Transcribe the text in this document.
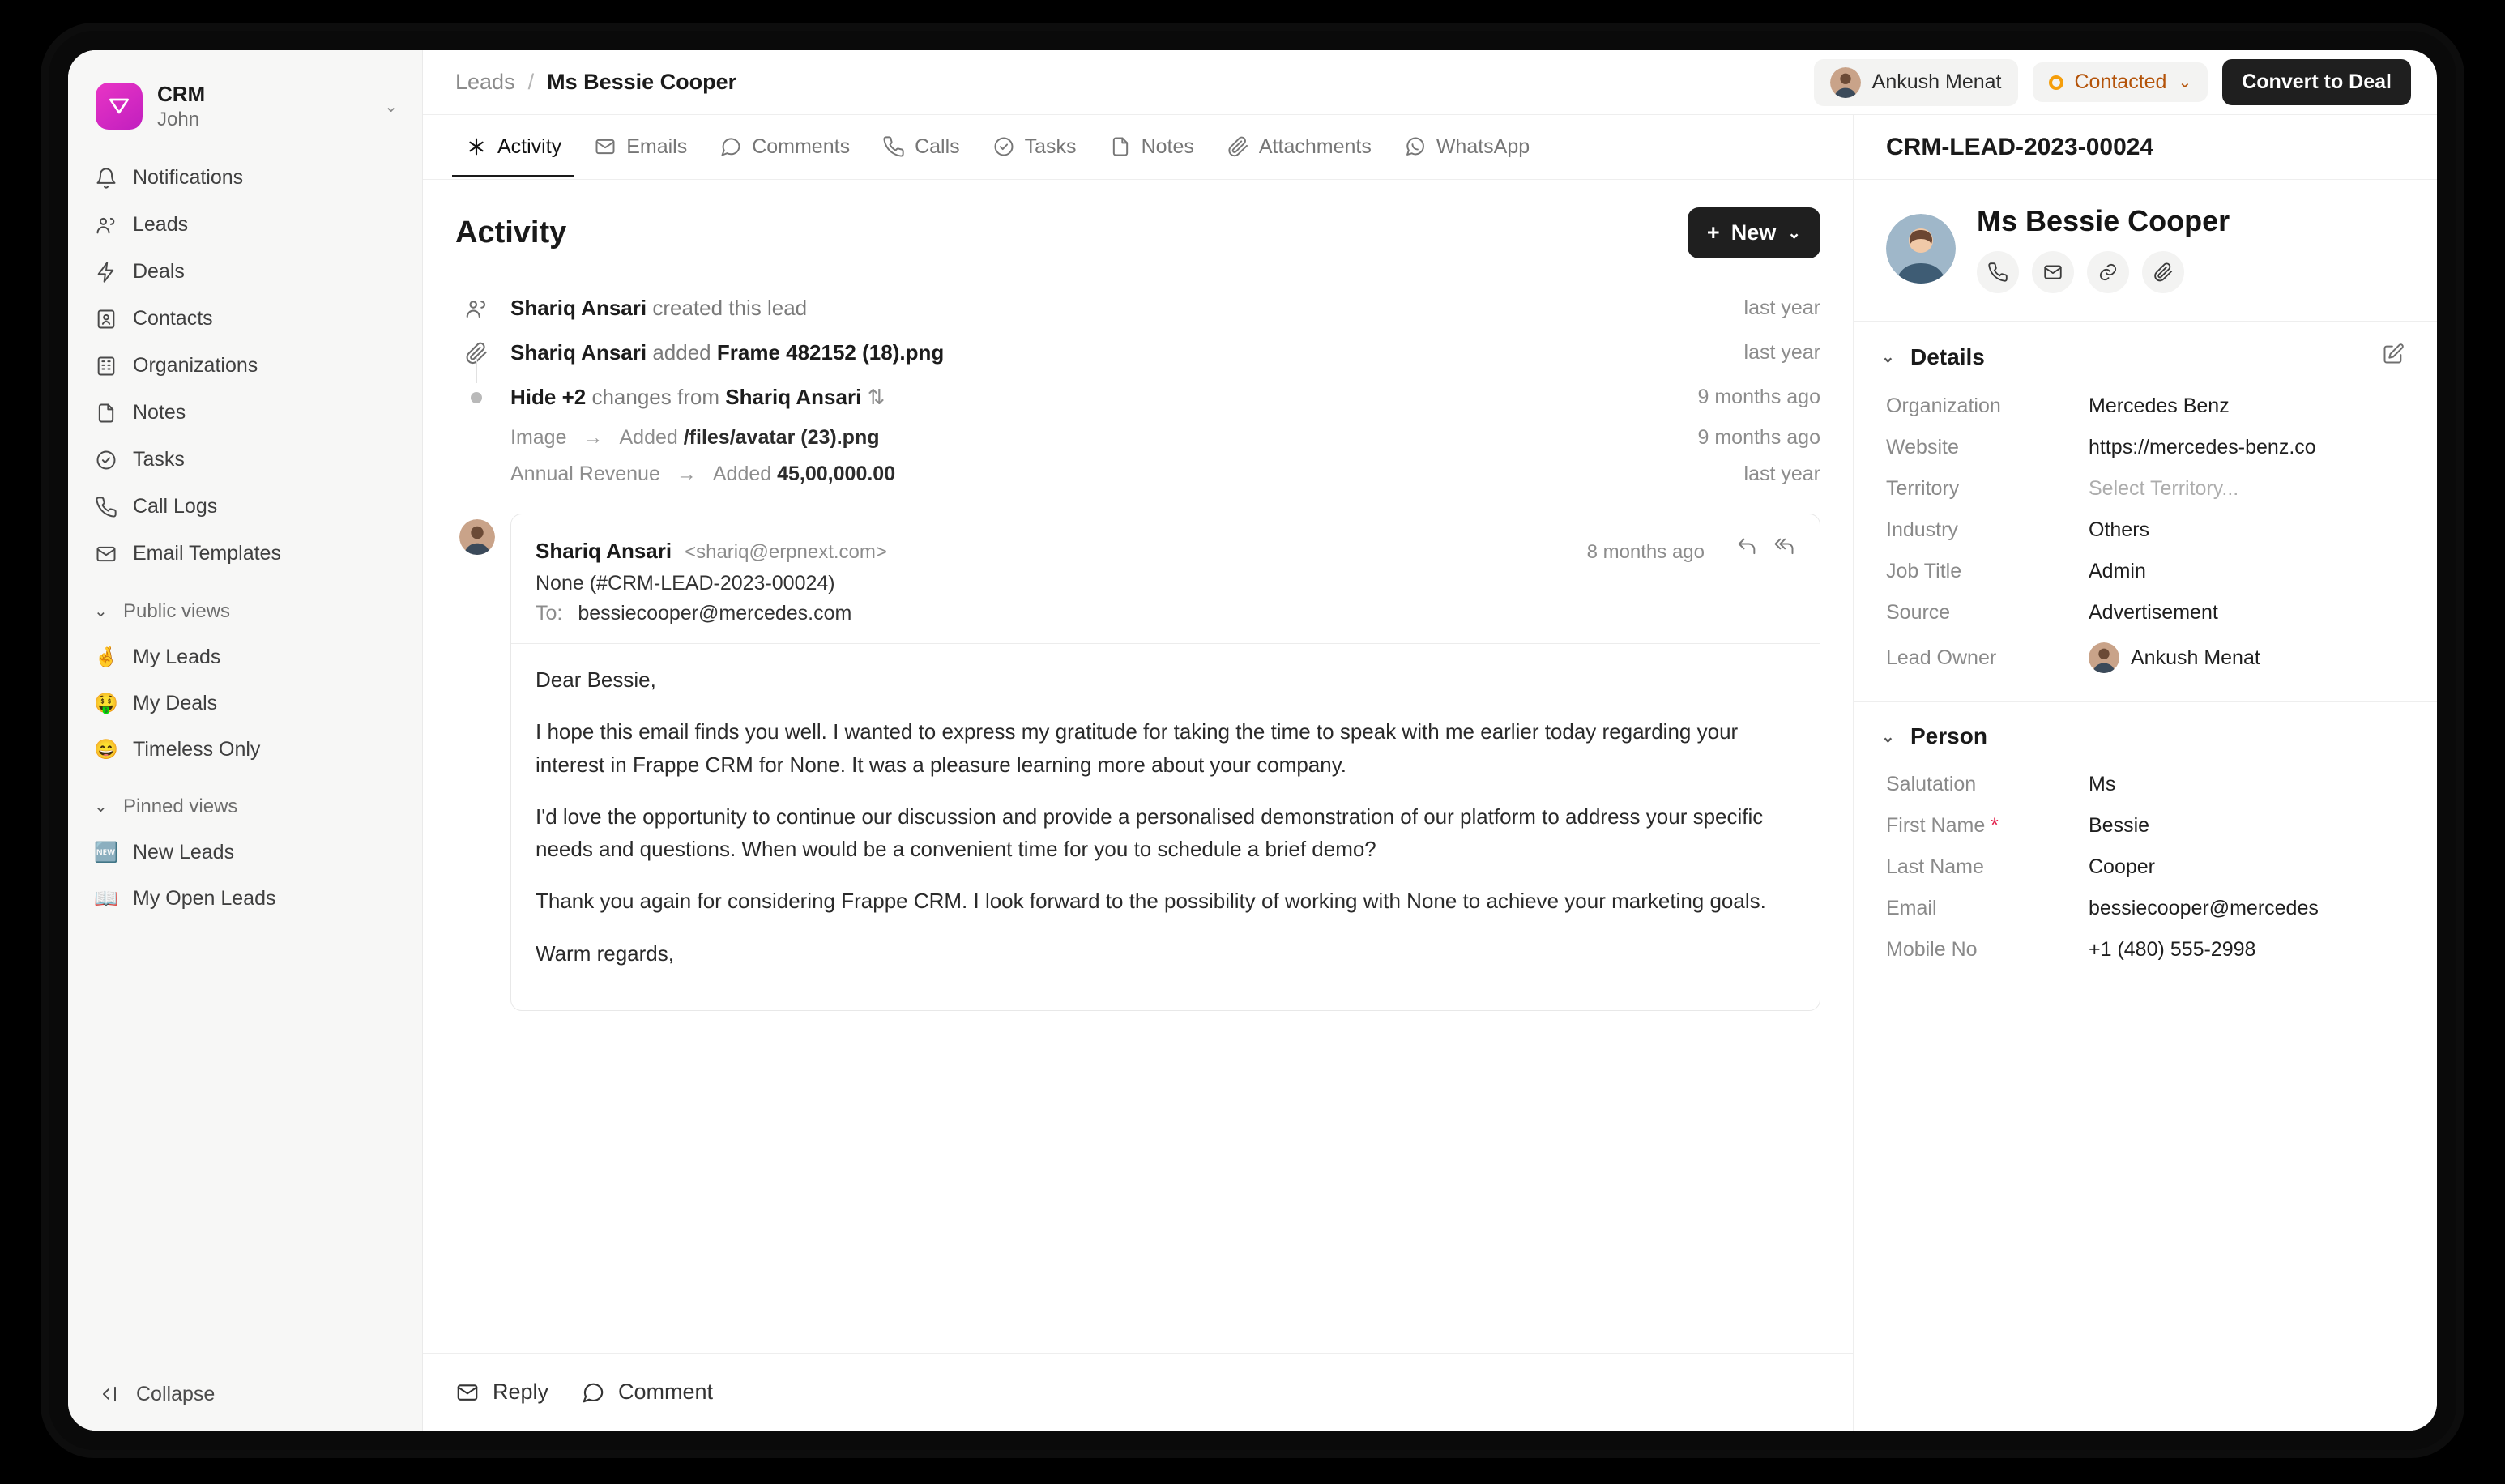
CRM
John
⌄
Notifications
Leads
Deals
Contacts
Organizations
Notes
Tasks
Call Logs
Email Templates
⌄ Public views
🤞 My Leads
🤑 My Deals
😄 Timeless Only
⌄ Pinned views
🆕 New Leads
📖 My Open Leads
Collapse
Leads / Ms Bessie Cooper	Ankush Menat	Contacted ⌄	Convert to Deal
Activity	Emails	Comments	Calls	Tasks	Notes	Attachments	WhatsApp
Activity	+ New ⌄
Shariq Ansari created this lead	last year
Shariq Ansari added Frame 482152 (18).png	last year
Hide +2 changes from Shariq Ansari ⇅	9 months ago
Image → Added /files/avatar (23).png	9 months ago
Annual Revenue → Added 45,00,000.00	last year
Shariq Ansari <shariq@erpnext.com>	8 months ago
None (#CRM-LEAD-2023-00024)
To: bessiecooper@mercedes.com

Dear Bessie,

I hope this email finds you well. I wanted to express my gratitude for taking the time to speak with me earlier today regarding your interest in Frappe CRM for None. It was a pleasure learning more about your company.

I'd love the opportunity to continue our discussion and provide a personalised demonstration of our platform to address your specific needs and questions. When would be a convenient time for you to schedule a brief demo?

Thank you again for considering Frappe CRM. I look forward to the possibility of working with None to achieve your marketing goals.

Warm regards,

Reply	Comment
CRM-LEAD-2023-00024
Ms Bessie Cooper
⌄ Details
Organization	Mercedes Benz
Website	https://mercedes-benz.co
Territory	Select Territory...
Industry	Others
Job Title	Admin
Source	Advertisement
Lead Owner	Ankush Menat
⌄ Person
Salutation	Ms
First Name *	Bessie
Last Name	Cooper
Email	bessiecooper@mercedes
Mobile No	+1 (480) 555-2998
